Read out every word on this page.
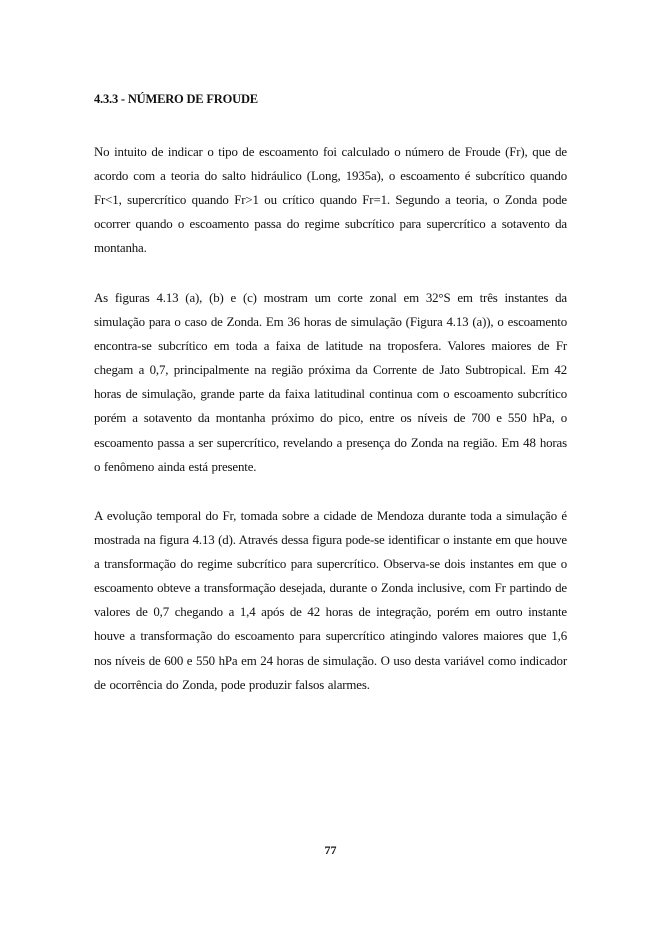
4.3.3 - NÚMERO DE FROUDE

No intuito de indicar o tipo de escoamento foi calculado o número de Froude (Fr), que de acordo com a teoria do salto hidráulico (Long, 1935a), o escoamento é subcrítico quando Fr<1, supercrítico quando Fr>1 ou crítico quando Fr=1. Segundo a teoria, o Zonda pode ocorrer quando o escoamento passa do regime subcrítico para supercrítico a sotavento da montanha.

As figuras 4.13 (a), (b) e (c) mostram um corte zonal em 32°S em três instantes da simulação para o caso de Zonda. Em 36 horas de simulação (Figura 4.13 (a)), o escoamento encontra-se subcrítico em toda a faixa de latitude na troposfera. Valores maiores de Fr chegam a 0,7, principalmente na região próxima da Corrente de Jato Subtropical. Em 42 horas de simulação, grande parte da faixa latitudinal continua com o escoamento subcrítico porém a sotavento da montanha próximo do pico, entre os níveis de 700 e 550 hPa, o escoamento passa a ser supercrítico, revelando a presença do Zonda na região. Em 48 horas o fenômeno ainda está presente.

A evolução temporal do Fr, tomada sobre a cidade de Mendoza durante toda a simulação é mostrada na figura 4.13 (d). Através dessa figura pode-se identificar o instante em que houve a transformação do regime subcrítico para supercrítico. Observa-se dois instantes em que o escoamento obteve a transformação desejada, durante o Zonda inclusive, com Fr partindo de valores de 0,7 chegando a 1,4 após de 42 horas de integração, porém em outro instante houve a transformação do escoamento para supercrítico atingindo valores maiores que 1,6 nos níveis de 600 e 550 hPa em 24 horas de simulação. O uso desta variável como indicador de ocorrência do Zonda, pode produzir falsos alarmes.

77
